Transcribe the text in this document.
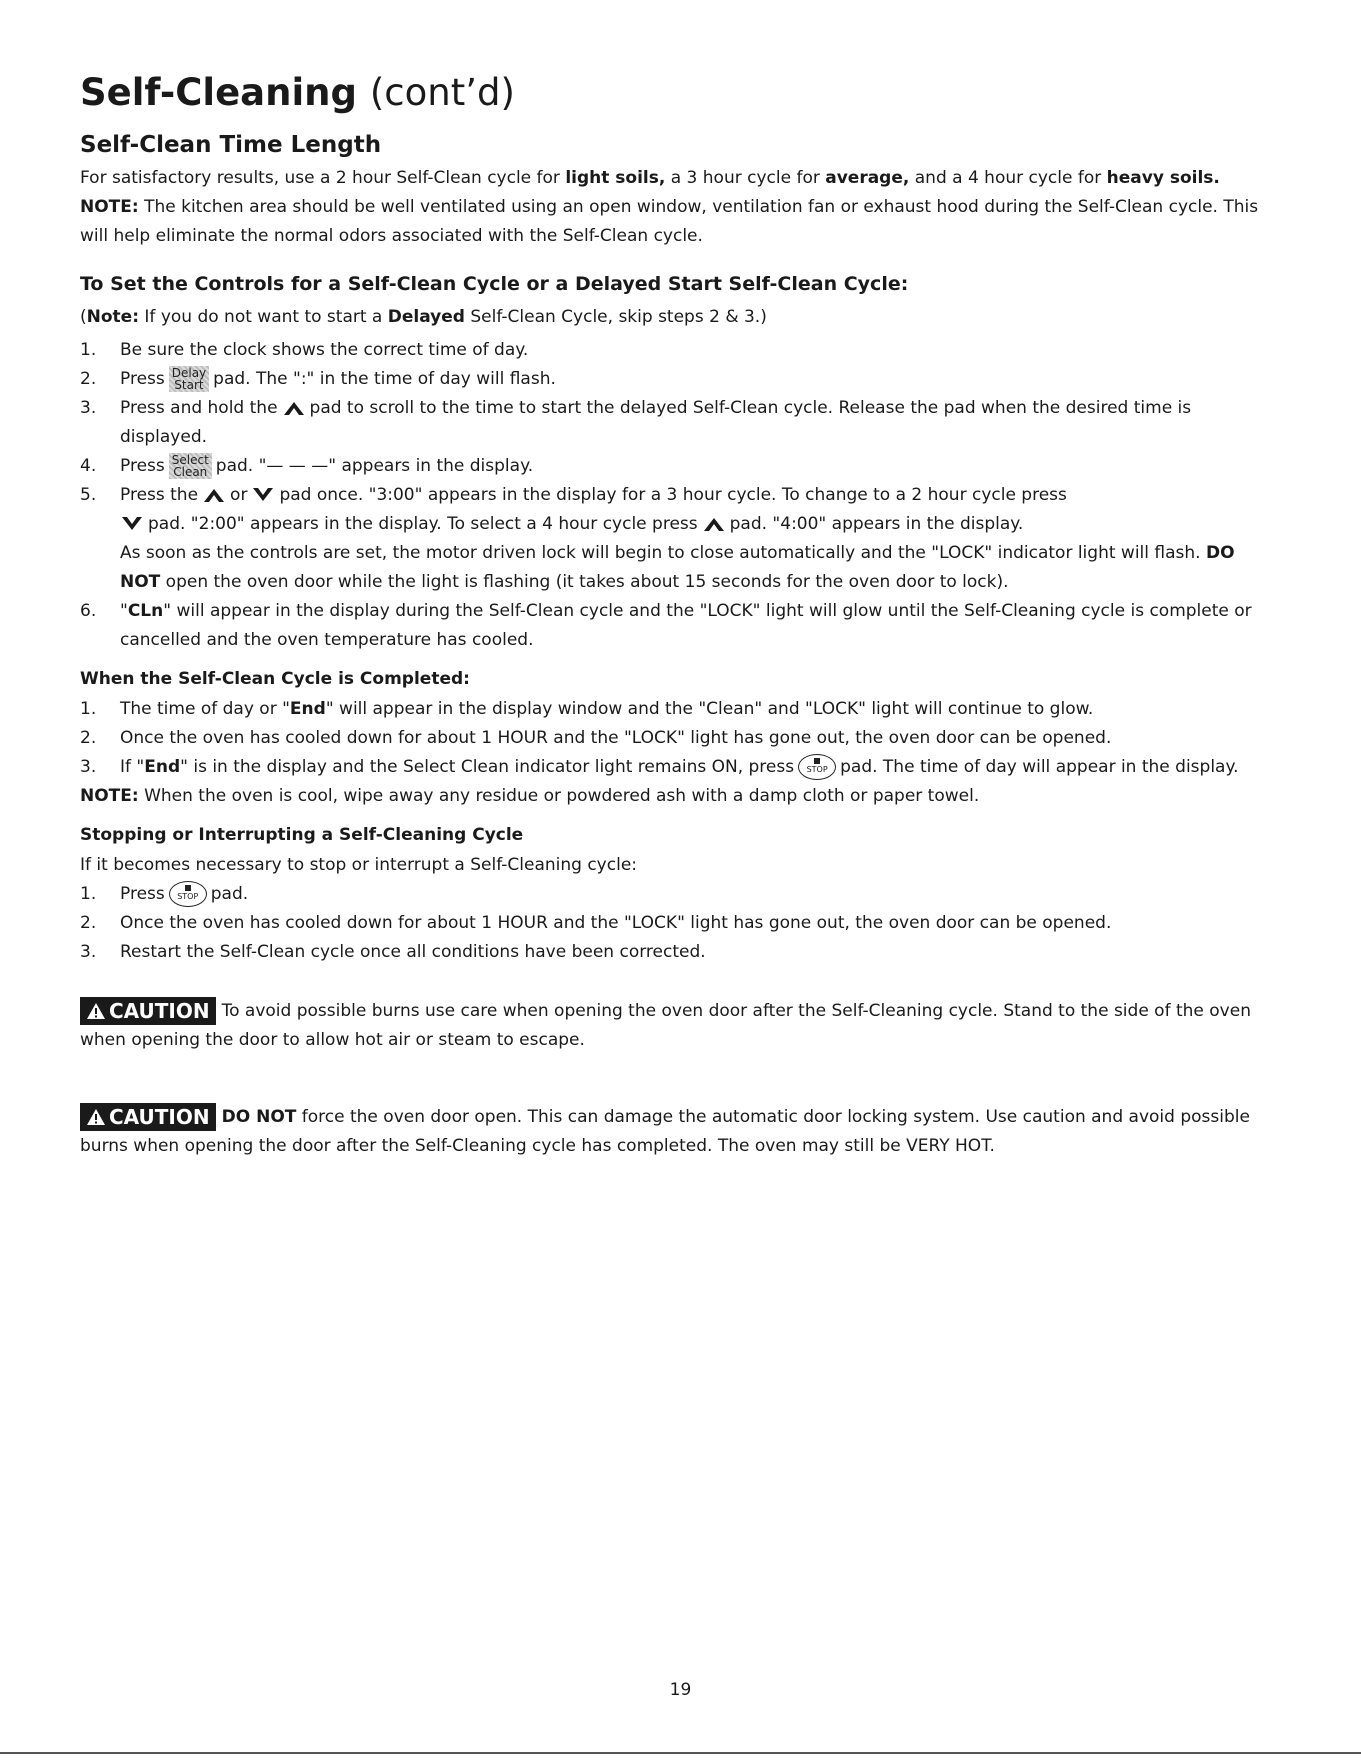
Self-Cleaning (cont’d)
Self-Clean Time Length

For satisfactory results, use a 2 hour Self-Clean cycle for light soils, a 3 hour cycle for average, and a 4 hour cycle for heavy soils. NOTE: The kitchen area should be well ventilated using an open window, ventilation fan or exhaust hood during the Self-Clean cycle. This will help eliminate the normal odors associated with the Self-Clean cycle.

To Set the Controls for a Self-Clean Cycle or a Delayed Start Self-Clean Cycle:

(Note: If you do not want to start a Delayed Self-Clean Cycle, skip steps 2 & 3.)

1.	Be sure the clock shows the correct time of day.
2.	Press Delay
Start pad. The ":" in the time of day will flash.
3.	Press and hold the pad to scroll to the time to start the delayed Self-Clean cycle. Release the pad when the desired time is displayed.
4.	Press Select
Clean pad. "— — —" appears in the display.
5.	Press the or pad once. "3:00" appears in the display for a 3 hour cycle. To change to a 2 hour cycle press
pad. "2:00" appears in the display. To select a 4 hour cycle press pad. "4:00" appears in the display.
As soon as the controls are set, the motor driven lock will begin to close automatically and the "LOCK" indicator light will flash. DO NOT open the oven door while the light is flashing (it takes about 15 seconds for the oven door to lock).
6.	"CLn" will appear in the display during the Self-Clean cycle and the "LOCK" light will glow until the Self-Cleaning cycle is complete or cancelled and the oven temperature has cooled.
When the Self-Clean Cycle is Completed:
1.	The time of day or "End" will appear in the display window and the "Clean" and "LOCK" light will continue to glow.
2.	Once the oven has cooled down for about 1 HOUR and the "LOCK" light has gone out, the oven door can be opened.
3.	If "End" is in the display and the Select Clean indicator light remains ON, press STOP pad. The time of day will appear in the display.

NOTE: When the oven is cool, wipe away any residue or powdered ash with a damp cloth or paper towel.

Stopping or Interrupting a Self-Cleaning Cycle

If it becomes necessary to stop or interrupt a Self-Cleaning cycle:

1.	Press STOP pad.
2.	Once the oven has cooled down for about 1 HOUR and the "LOCK" light has gone out, the oven door can be opened.
3.	Restart the Self-Clean cycle once all conditions have been corrected.

CAUTION To avoid possible burns use care when opening the oven door after the Self-Cleaning cycle. Stand to the side of the oven when opening the door to allow hot air or steam to escape.

CAUTION DO NOT force the oven door open. This can damage the automatic door locking system. Use caution and avoid possible burns when opening the door after the Self-Cleaning cycle has completed. The oven may still be VERY HOT.

19
